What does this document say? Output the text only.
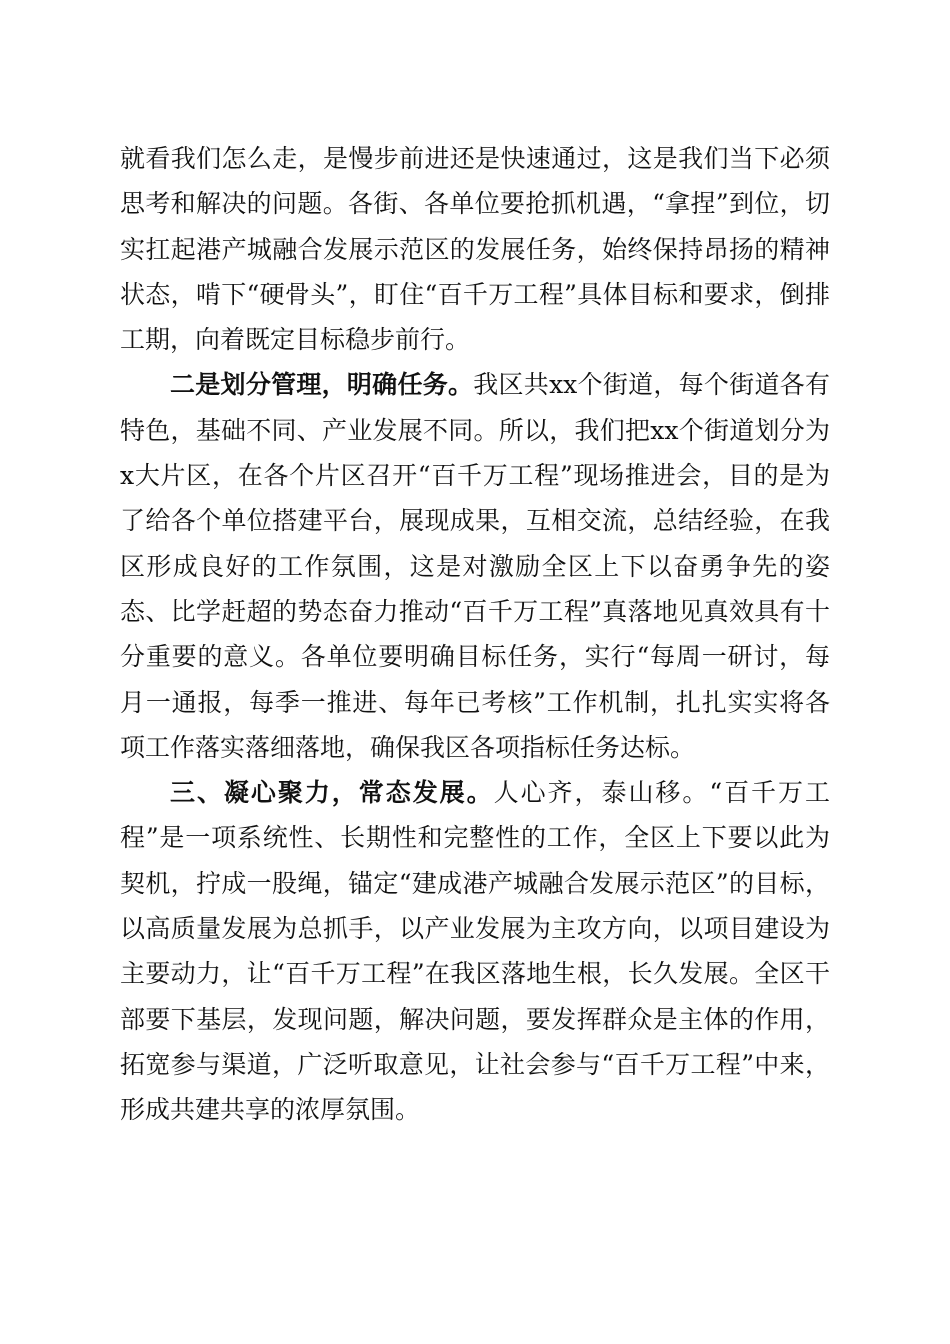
就看我们怎么走，是慢步前进还是快速通过，这是我们当下必须思考和解决的问题。各街、各单位要抢抓机遇，“拿捏”到位，切实扛起港产城融合发展示范区的发展任务，始终保持昂扬的精神状态，啃下“硬骨头”，盯住“百千万工程”具体目标和要求，倒排工期，向着既定目标稳步前行。

二是划分管理，明确任务。我区共xx个街道，每个街道各有特色，基础不同、产业发展不同。所以，我们把xx个街道划分为x大片区，在各个片区召开“百千万工程”现场推进会，目的是为了给各个单位搭建平台，展现成果，互相交流，总结经验，在我区形成良好的工作氛围，这是对激励全区上下以奋勇争先的姿态、比学赶超的势态奋力推动“百千万工程”真落地见真效具有十分重要的意义。各单位要明确目标任务，实行“每周一研讨，每月一通报，每季一推进、每年已考核”工作机制，扎扎实实将各项工作落实落细落地，确保我区各项指标任务达标。

三、凝心聚力，常态发展。人心齐，泰山移。“百千万工程”是一项系统性、长期性和完整性的工作，全区上下要以此为契机，拧成一股绳，锚定“建成港产城融合发展示范区”的目标，以高质量发展为总抓手，以产业发展为主攻方向，以项目建设为主要动力，让“百千万工程”在我区落地生根，长久发展。全区干部要下基层，发现问题，解决问题，要发挥群众是主体的作用，拓宽参与渠道，广泛听取意见，让社会参与“百千万工程”中来，形成共建共享的浓厚氛围。
